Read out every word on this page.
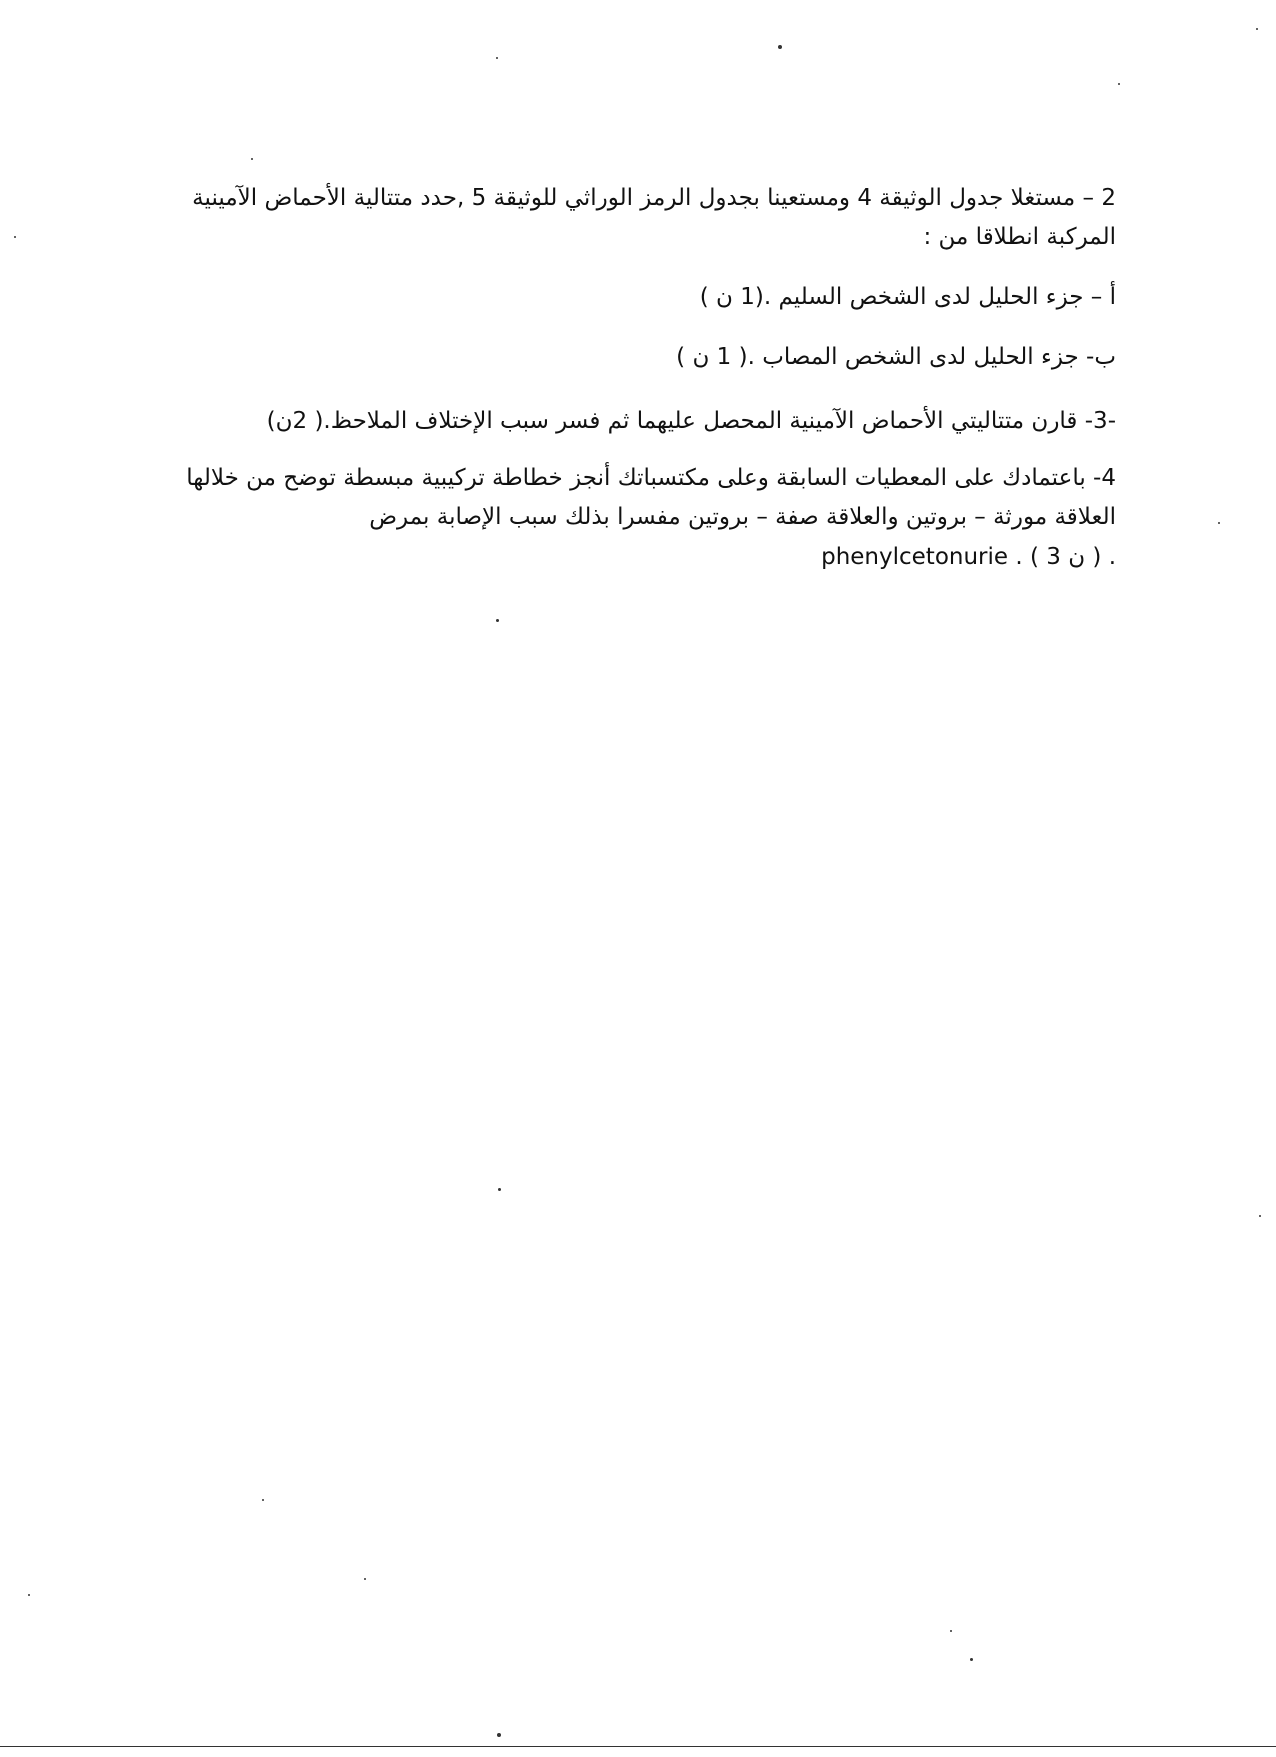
2 – مستغلا جدول الوثيقة 4 ومستعينا بجدول الرمز الوراثي للوثيقة 5 ,حدد متتالية الأحماض الآمينية
المركبة انطلاقا من :
أ – جزء الحليل لدى الشخص السليم .(1 ن )
ب- جزء الحليل لدى الشخص المصاب .( 1 ن )
-3- قارن متتاليتي الأحماض الآمينية المحصل عليهما ثم فسر سبب الإختلاف الملاحظ.( 2ن)
4- باعتمادك على المعطيات السابقة وعلى مكتسباتك أنجز خطاطة تركيبية مبسطة توضح من خلالها
العلاقة مورثة – بروتين والعلاقة صفة – بروتين مفسرا بذلك سبب الإصابة بمرض
phenylcetonurie . ( 3 ن ) .
